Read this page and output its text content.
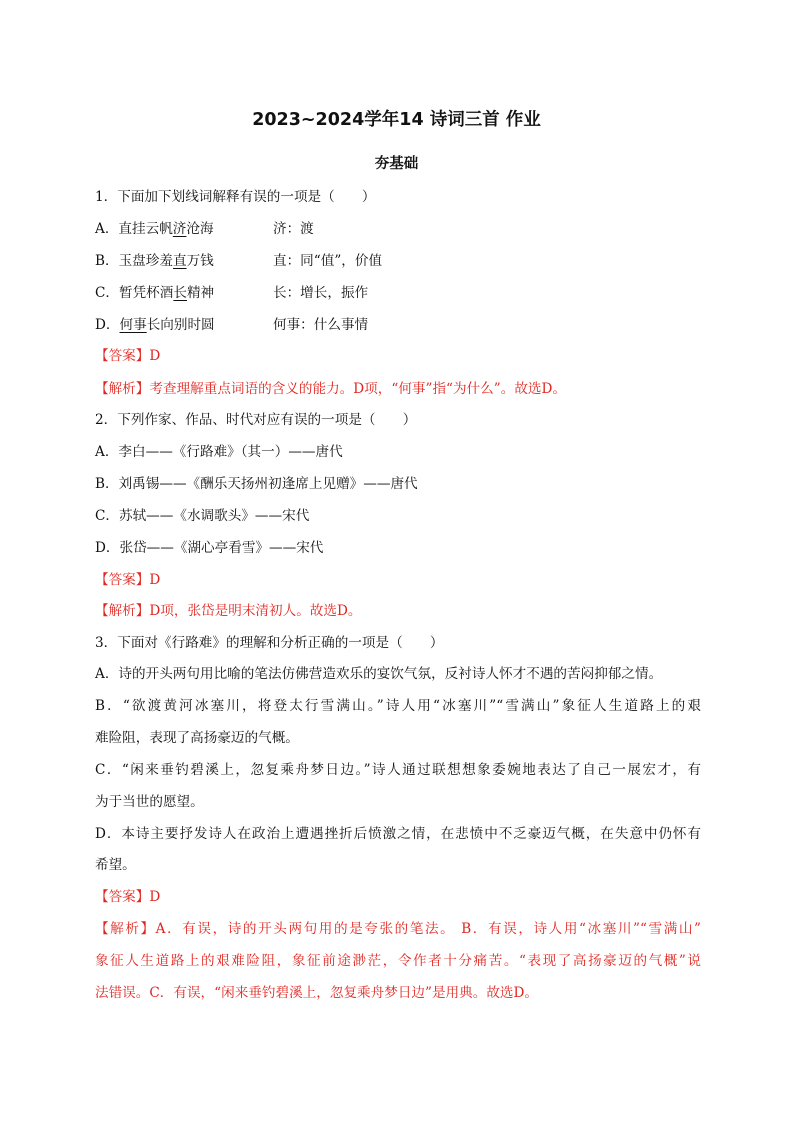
2023~2024学年14 诗词三首 作业
夯基础
1．下面加下划线词解释有误的一项是（　　）
A．直挂云帆济沧海	济：渡
B．玉盘珍羞直万钱	直：同“值”，价值
C．暂凭杯酒长精神	长：增长，振作
D．何事长向别时圆	何事：什么事情
【答案】D
【解析】考查理解重点词语的含义的能力。D项，“何事”指“为什么”。故选D。
2．下列作家、作品、时代对应有误的一项是（　　）
A．李白——《行路难》（其一）——唐代
B．刘禹锡——《酬乐天扬州初逢席上见赠》——唐代
C．苏轼——《水调歌头》——宋代
D．张岱——《湖心亭看雪》——宋代
【答案】D
【解析】D项，张岱是明末清初人。故选D。
3．下面对《行路难》的理解和分析正确的一项是（　　）
A．诗的开头两句用比喻的笔法仿佛营造欢乐的宴饮气氛，反衬诗人怀才不遇的苦闷抑郁之情。
B．“欲渡黄河冰塞川，将登太行雪满山。”诗人用“冰塞川”“雪满山”象征人生道路上的艰
难险阻，表现了高扬豪迈的气概。
C．“闲来垂钓碧溪上，忽复乘舟梦日边。”诗人通过联想想象委婉地表达了自己一展宏才，有
为于当世的愿望。
D．本诗主要抒发诗人在政治上遭遇挫折后愤激之情，在悲愤中不乏豪迈气概，在失意中仍怀有
希望。
【答案】D
【解析】A．有误，诗的开头两句用的是夸张的笔法。 B．有误，诗人用“冰塞川”“雪满山”
象征人生道路上的艰难险阻，象征前途渺茫，令作者十分痛苦。“表现了高扬豪迈的气概”说
法错误。C．有误，“闲来垂钓碧溪上，忽复乘舟梦日边”是用典。故选D。
